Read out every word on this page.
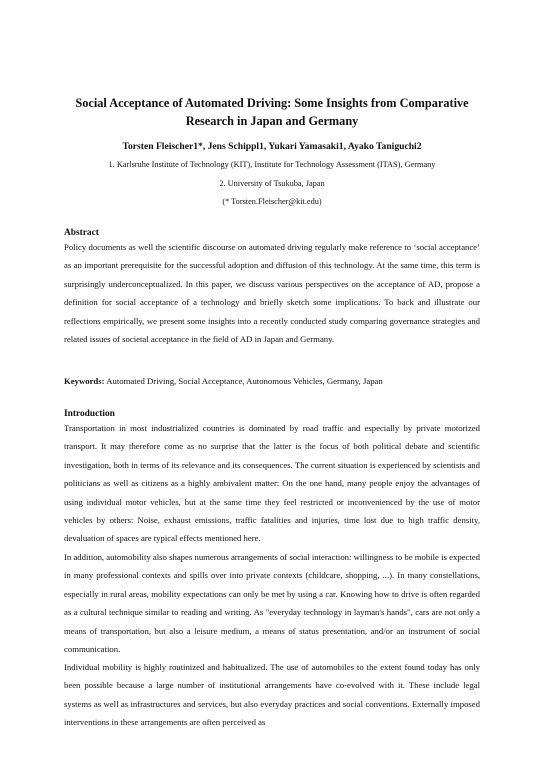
Social Acceptance of Automated Driving: Some Insights from Comparative Research in Japan and Germany
Torsten Fleischer1*, Jens Schippl1, Yukari Yamasaki1, Ayako Taniguchi2
1. Karlsruhe Institute of Technology (KIT), Institute for Technology Assessment (ITAS), Germany
2. University of Tsukuba, Japan
(* Torsten.Fleischer@kit.edu)
Abstract
Policy documents as well the scientific discourse on automated driving regularly make reference to ‘social acceptance’ as an important prerequisite for the successful adoption and diffusion of this technology. At the same time, this term is surprisingly underconceptualized. In this paper, we discuss various perspectives on the acceptance of AD, propose a definition for social acceptance of a technology and briefly sketch some implications. To back and illustrate our reflections empirically, we present some insights into a recently conducted study comparing governance strategies and related issues of societal acceptance in the field of AD in Japan and Germany.
Keywords: Automated Driving, Social Acceptance, Autonomous Vehicles, Germany, Japan
Introduction
Transportation in most industrialized countries is dominated by road traffic and especially by private motorized transport. It may therefore come as no surprise that the latter is the focus of both political debate and scientific investigation, both in terms of its relevance and its consequences. The current situation is experienced by scientists and politicians as well as citizens as a highly ambivalent matter: On the one hand, many people enjoy the advantages of using individual motor vehicles, but at the same time they feel restricted or inconvenienced by the use of motor vehicles by others: Noise, exhaust emissions, traffic fatalities and injuries, time lost due to high traffic density, devaluation of spaces are typical effects mentioned here.
In addition, automobility also shapes numerous arrangements of social interaction: willingness to be mobile is expected in many professional contexts and spills over into private contexts (childcare, shopping, ...). In many constellations, especially in rural areas, mobility expectations can only be met by using a car. Knowing how to drive is often regarded as a cultural technique similar to reading and writing. As "everyday technology in layman's hands", cars are not only a means of transportation, but also a leisure medium, a means of status presentation, and/or an instrument of social communication.
Individual mobility is highly routinized and habitualized. The use of automobiles to the extent found today has only been possible because a large number of institutional arrangements have co-evolved with it. These include legal systems as well as infrastructures and services, but also everyday practices and social conventions. Externally imposed interventions in these arrangements are often perceived as
